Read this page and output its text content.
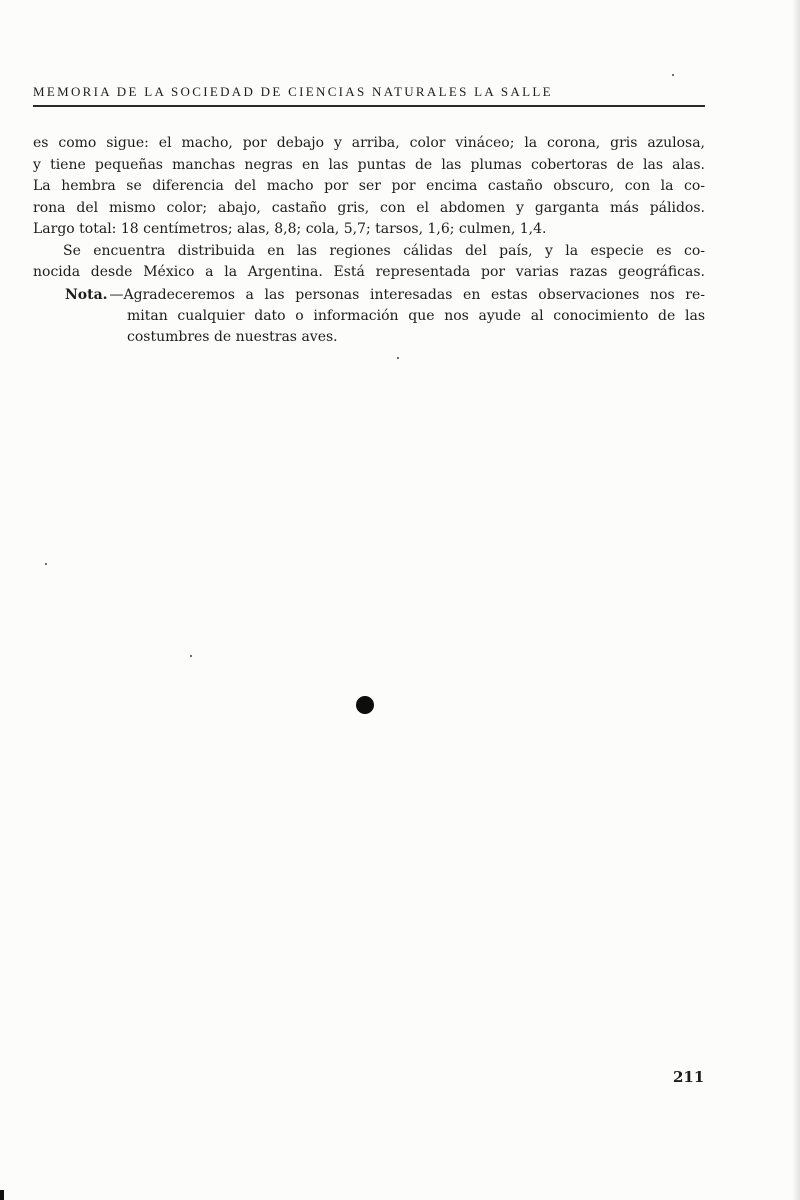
MEMORIA DE LA SOCIEDAD DE CIENCIAS NATURALES LA SALLE
es como sigue: el macho, por debajo y arriba, color vináceo; la corona, gris azulosa,
y tiene pequeñas manchas negras en las puntas de las plumas cobertoras de las alas.
La hembra se diferencia del macho por ser por encima castaño obscuro, con la co-
rona del mismo color; abajo, castaño gris, con el abdomen y garganta más pálidos.
Largo total: 18 centímetros; alas, 8,8; cola, 5,7; tarsos, 1,6; culmen, 1,4.
Se encuentra distribuida en las regiones cálidas del país, y la especie es co-
nocida desde México a la Argentina. Está representada por varias razas geográficas.
Nota. —Agradeceremos a las personas interesadas en estas observaciones nos re-
mitan cualquier dato o información que nos ayude al conocimiento de las
costumbres de nuestras aves.
211
